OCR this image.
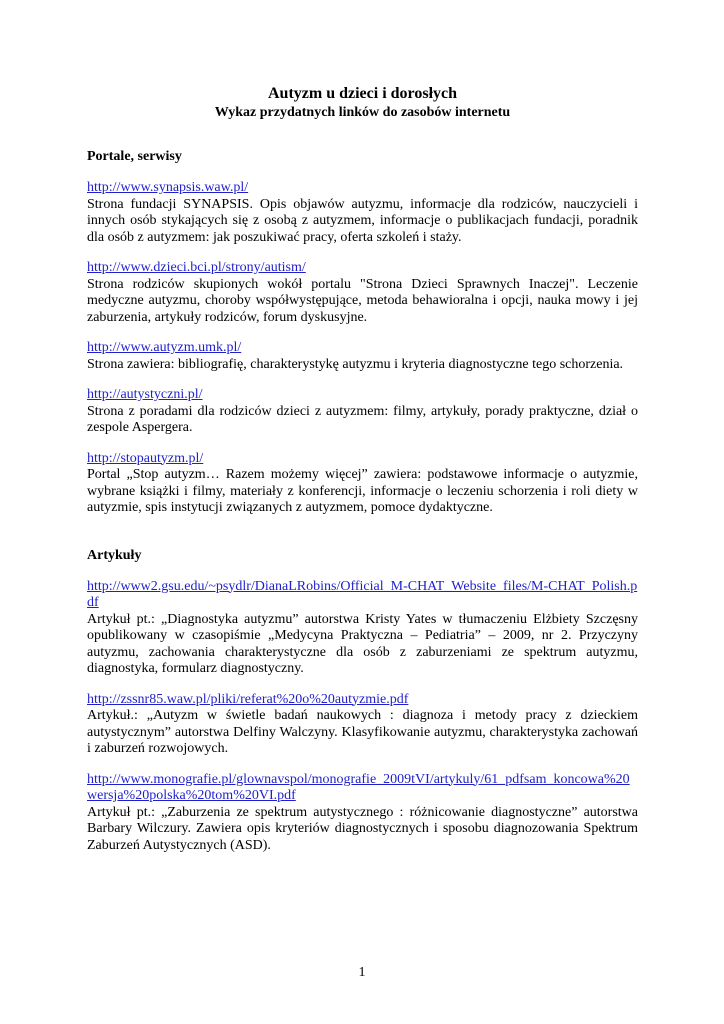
Autyzm u dzieci i dorosłych

Wykaz przydatnych linków do zasobów internetu

Portale, serwisy

http://www.synapsis.waw.pl/
Strona fundacji SYNAPSIS. Opis objawów autyzmu, informacje dla rodziców, nauczycieli i innych osób stykających się z osobą z autyzmem, informacje o publikacjach fundacji, poradnik dla osób z autyzmem: jak poszukiwać pracy, oferta szkoleń i staży.
http://www.dzieci.bci.pl/strony/autism/
Strona rodziców skupionych wokół portalu "Strona Dzieci Sprawnych Inaczej". Leczenie medyczne autyzmu, choroby współwystępujące, metoda behawioralna i opcji, nauka mowy i jej zaburzenia, artykuły rodziców, forum dyskusyjne.
http://www.autyzm.umk.pl/
Strona zawiera: bibliografię, charakterystykę autyzmu i kryteria diagnostyczne tego schorzenia.
http://autystyczni.pl/
Strona z poradami dla rodziców dzieci z autyzmem: filmy, artykuły, porady praktyczne, dział o zespole Aspergera.
http://stopautyzm.pl/
Portal „Stop autyzm… Razem możemy więcej” zawiera: podstawowe informacje o autyzmie, wybrane książki i filmy, materiały z konferencji, informacje o leczeniu schorzenia i roli diety w autyzmie, spis instytucji związanych z autyzmem, pomoce dydaktyczne.

Artykuły

http://www2.gsu.edu/~psydlr/DianaLRobins/Official_M-CHAT_Website_files/M-CHAT_Polish.pdf
Artykuł pt.: „Diagnostyka autyzmu” autorstwa Kristy Yates w tłumaczeniu Elżbiety Szczęsny opublikowany w czasopiśmie „Medycyna Praktyczna – Pediatria” – 2009, nr 2. Przyczyny autyzmu, zachowania charakterystyczne dla osób z zaburzeniami ze spektrum autyzmu, diagnostyka, formularz diagnostyczny.
http://zssnr85.waw.pl/pliki/referat%20o%20autyzmie.pdf
Artykuł.: „Autyzm w świetle badań naukowych : diagnoza i metody pracy z dzieckiem autystycznym” autorstwa Delfiny Walczyny. Klasyfikowanie autyzmu, charakterystyka zachowań i zaburzeń rozwojowych.
http://www.monografie.pl/glownavspol/monografie_2009tVI/artykuly/61_pdfsam_koncowa%20wersja%20polska%20tom%20VI.pdf
Artykuł pt.: „Zaburzenia ze spektrum autystycznego : różnicowanie diagnostyczne” autorstwa Barbary Wilczury. Zawiera opis kryteriów diagnostycznych i sposobu diagnozowania Spektrum Zaburzeń Autystycznych (ASD).
1
